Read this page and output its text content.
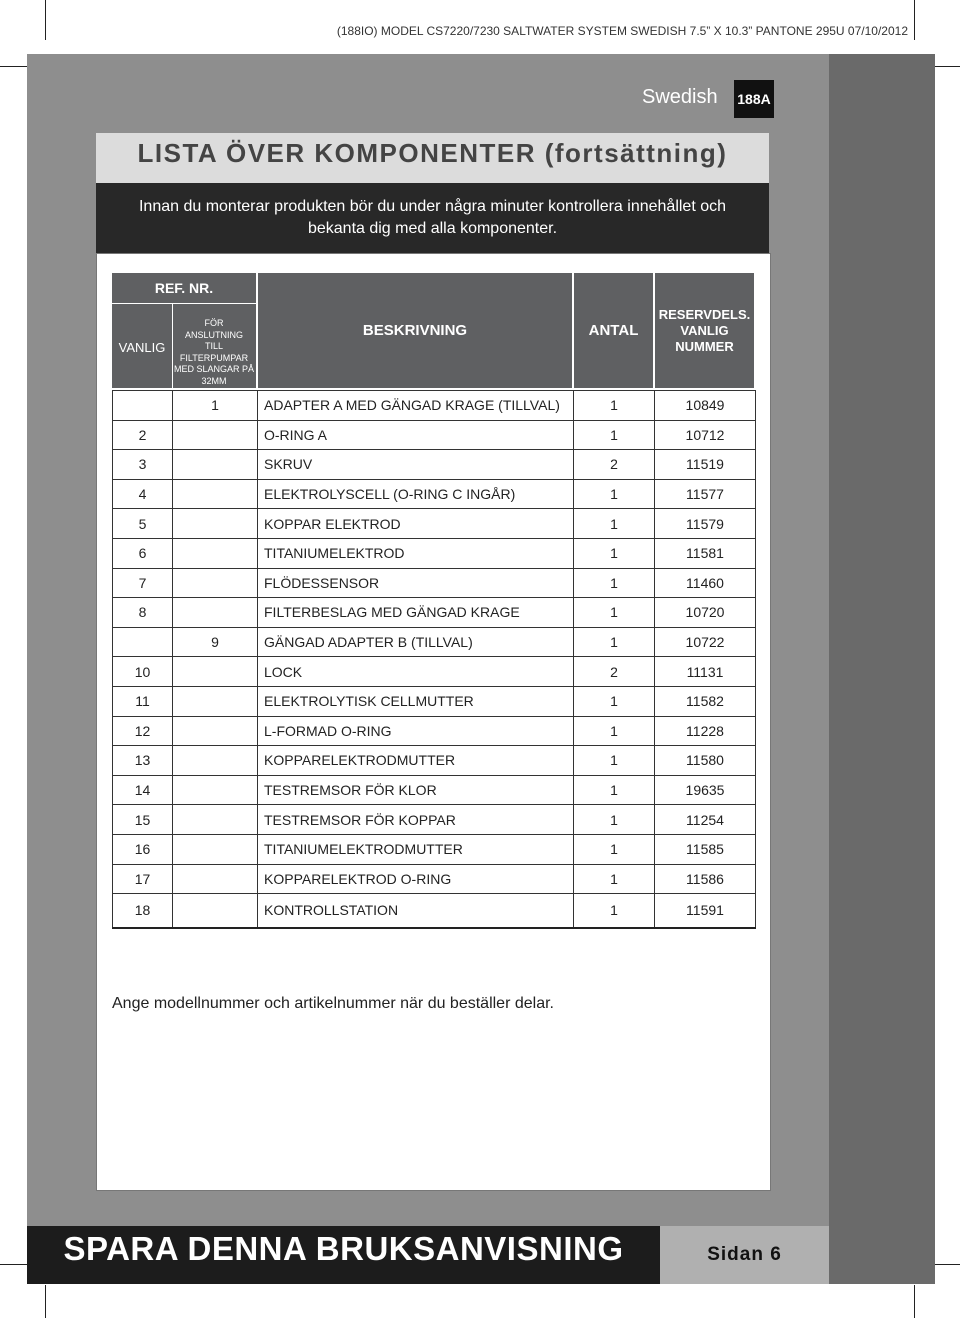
(188IO) MODEL CS7220/7230 SALTWATER SYSTEM SWEDISH 7.5” X 10.3” PANTONE 295U 07/10/2012
Swedish 188A
LISTA ÖVER KOMPONENTER (fortsättning)
Innan du monterar produkten bör du under några minuter kontrollera innehållet och
bekanta dig med alla komponenter.
REF. NR.
VANLIG
FÖR
ANSLUTNING
TILL FILTERPUMPAR
MED SLANGAR PÅ
32MM
BESKRIVNING	ANTAL
RESERVDELS.
VANLIG NUMMER
	1	ADAPTER A MED GÄNGAD KRAGE (TILLVAL)	1	10849
2		O-RING A	1	10712
3		SKRUV	2	11519
4		ELEKTROLYSCELL (O-RING C INGÅR)	1	11577
5		KOPPAR ELEKTROD	1	11579
6		TITANIUMELEKTROD	1	11581
7		FLÖDESSENSOR	1	11460
8		FILTERBESLAG MED GÄNGAD KRAGE	1	10720
	9	GÄNGAD ADAPTER B (TILLVAL)	1	10722
10		LOCK	2	11131
11		ELEKTROLYTISK CELLMUTTER	1	11582
12		L-FORMAD O-RING	1	11228
13		KOPPARELEKTRODMUTTER	1	11580
14		TESTREMSOR FÖR KLOR	1	19635
15		TESTREMSOR FÖR KOPPAR	1	11254
16		TITANIUMELEKTRODMUTTER	1	11585
17		KOPPARELEKTROD O-RING	1	11586
18		KONTROLLSTATION	1	11591
Ange modellnummer och artikelnummer när du beställer delar.
SPARA DENNA BRUKSANVISNING	Sidan 6
